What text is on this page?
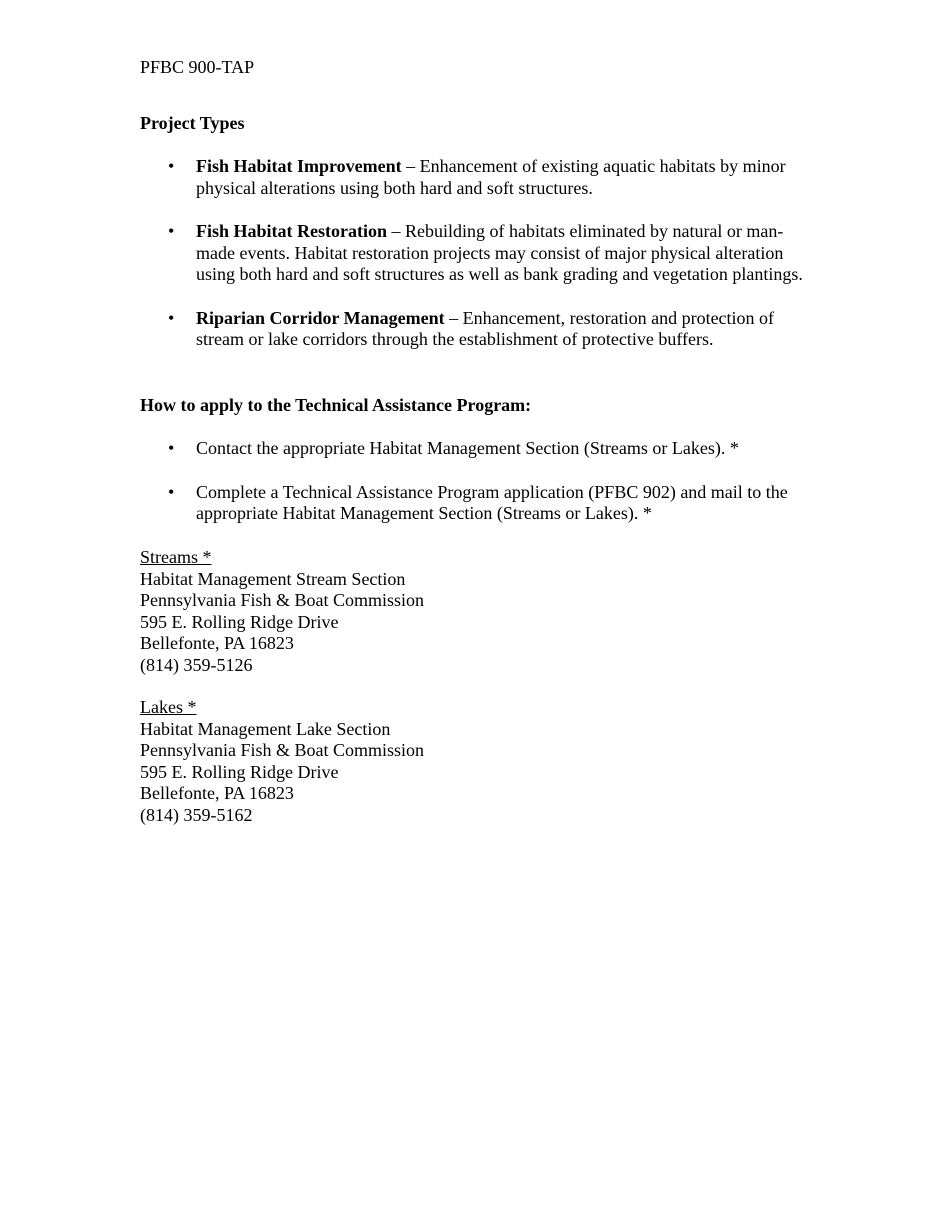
PFBC 900-TAP
Project Types
• Fish Habitat Improvement – Enhancement of existing aquatic habitats by minor physical alterations using both hard and soft structures.
• Fish Habitat Restoration – Rebuilding of habitats eliminated by natural or man-made events. Habitat restoration projects may consist of major physical alteration using both hard and soft structures as well as bank grading and vegetation plantings.
• Riparian Corridor Management – Enhancement, restoration and protection of stream or lake corridors through the establishment of protective buffers.
How to apply to the Technical Assistance Program:
• Contact the appropriate Habitat Management Section (Streams or Lakes). *
• Complete a Technical Assistance Program application (PFBC 902) and mail to the appropriate Habitat Management Section (Streams or Lakes). *
Streams *
Habitat Management Stream Section
Pennsylvania Fish & Boat Commission
595 E. Rolling Ridge Drive
Bellefonte, PA 16823
(814) 359-5126
Lakes *
Habitat Management Lake Section
Pennsylvania Fish & Boat Commission
595 E. Rolling Ridge Drive
Bellefonte, PA 16823
(814) 359-5162
